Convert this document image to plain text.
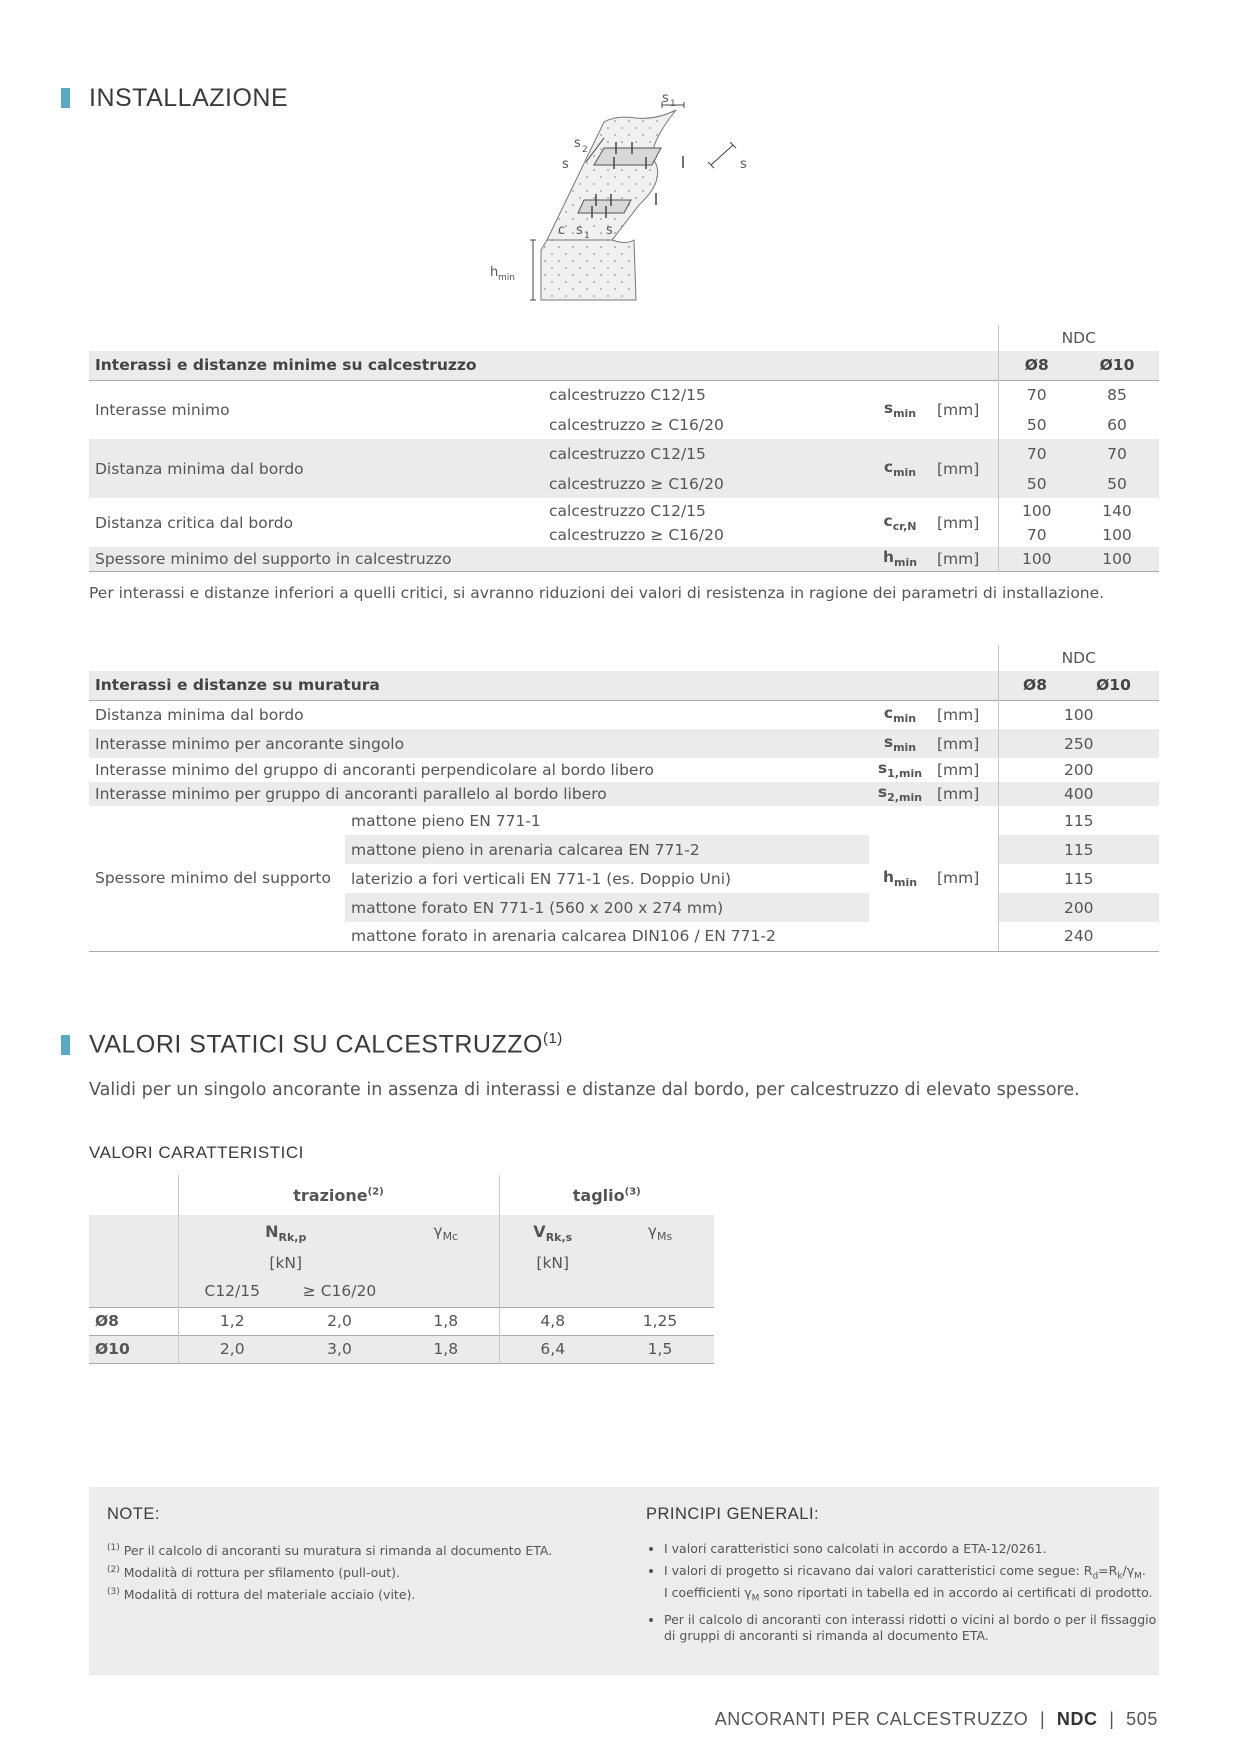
INSTALLAZIONE	s 1
s 2
s	s
c s 1 s
h min
				NDC	
Interassi e distanze minime su calcestruzzo				Ø8	Ø10
Interasse minimo	calcestruzzo C12/15	$s_{min}$	[mm]	70	85
	calcestruzzo ≥ C16/20			50	60
Distanza minima dal bordo	calcestruzzo C12/15	$c_{min}$	[mm]	70	70
	calcestruzzo ≥ C16/20			50	50
Distanza critica dal bordo	calcestruzzo C12/15	$c_{cr,N}$	[mm]	100	140
	calcestruzzo ≥ C16/20			70	100
Spessore minimo del supporto in calcestruzzo		$h_{min}$	[mm]	100	100
Per interassi e distanze inferiori a quelli critici, si avranno riduzioni dei valori di resistenza in ragione dei parametri di installazione.
				NDC
Interassi e distanze su muratura				Ø8 Ø10
Distanza minima dal bordo		$c_{min}$	[mm]	100
Interasse minimo per ancorante singolo		$s_{min}$	[mm]	250
Interasse minimo del gruppo di ancoranti perpendicolare al bordo libero		$s_{1,min}$	[mm]	200
Interasse minimo per gruppo di ancoranti parallelo al bordo libero		$s_{2,min}$	[mm]	400
Spessore minimo del supporto	mattone pieno EN 771-1	$h_{min}$	[mm]	115
	mattone pieno in arenaria calcarea EN 771-2			115
	laterizio a fori verticali EN 771-1 (es. Doppio Uni)			115
	mattone forato EN 771-1 (560 x 200 x 274 mm)			200
	mattone forato in arenaria calcarea DIN106 / EN 771-2			240
VALORI STATICI SU CALCESTRUZZO$^{(1)}$
Validi per un singolo ancorante in assenza di interassi e distanze dal bordo, per calcestruzzo di elevato spessore.
VALORI CARATTERISTICI
	trazione$^{(2)}$			taglio$^{(3)}$
	$N_{Rk,p}$		$\gamma_{Mc}$	$V_{Rk,s}$	$\gamma_{Ms}$
	[kN]			[kN]	
	C12/15	≥ C16/20			
Ø8	1,2	2,0	1,8	4,8	1,25
Ø10	2,0	3,0	1,8	6,4	1,5
NOTE:
$^{(1)}$ Per il calcolo di ancoranti su muratura si rimanda al documento ETA.
$^{(2)}$ Modalità di rottura per sfilamento (pull-out).
$^{(3)}$ Modalità di rottura del materiale acciaio (vite).
PRINCIPI GENERALI:
• I valori caratteristici sono calcolati in accordo a ETA-12/0261.
• I valori di progetto si ricavano dai valori caratteristici come segue: $R_d=R_k/\gamma_M$.
I coefficienti $\gamma_M$ sono riportati in tabella ed in accordo ai certificati di prodotto.
• Per il calcolo di ancoranti con interassi ridotti o vicini al bordo o per il fissaggio di gruppi di ancoranti si rimanda al documento ETA.
ANCORANTI PER CALCESTRUZZO | NDC | 505
